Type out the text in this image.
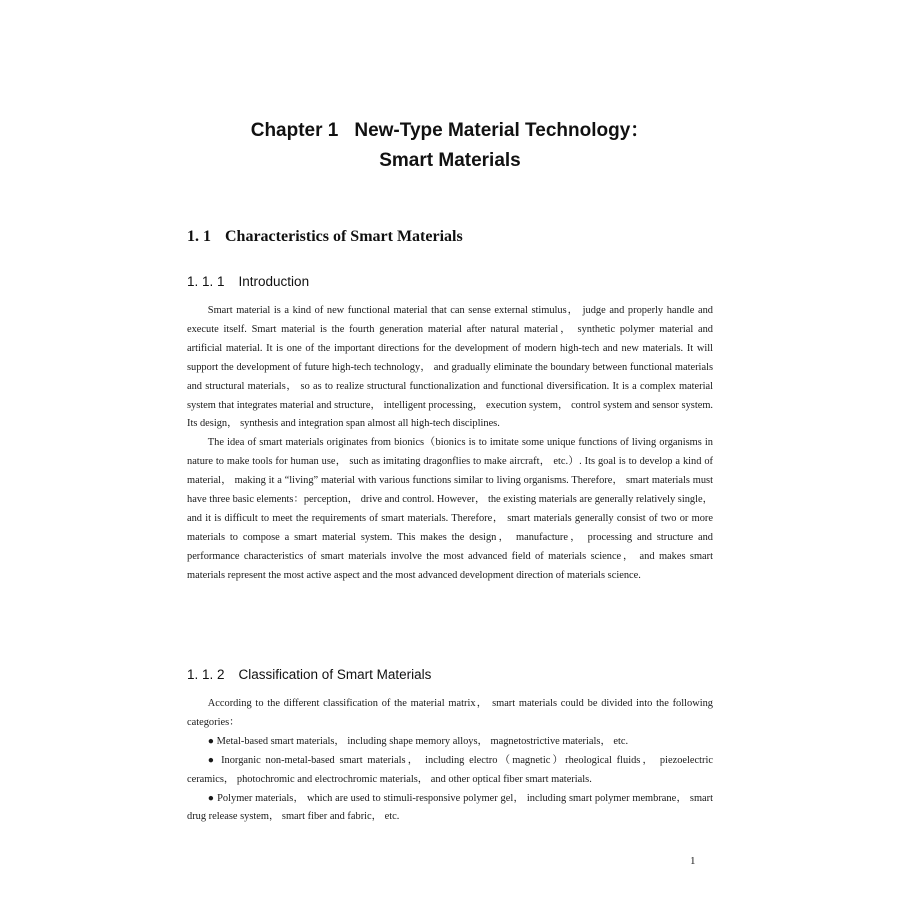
Chapter 1 New-Type Material Technology：
Smart Materials
1. 1 Characteristics of Smart Materials
1. 1. 1 Introduction

Smart material is a kind of new functional material that can sense external stimulus， judge and properly handle and execute itself. Smart material is the fourth generation material after natural material， synthetic polymer material and artificial material. It is one of the important directions for the development of modern high-tech and new materials. It will support the development of future high-tech technology， and gradually eliminate the boundary between functional materials and structural materials， so as to realize structural functionalization and functional diversification. It is a complex material system that integrates material and structure， intelligent processing， execution system， control system and sensor system. Its design， synthesis and integration span almost all high-tech disciplines.

The idea of smart materials originates from bionics（bionics is to imitate some unique functions of living organisms in nature to make tools for human use， such as imitating dragonflies to make aircraft， etc.）. Its goal is to develop a kind of material， making it a “living” material with various functions similar to living organisms. Therefore， smart materials must have three basic elements：perception， drive and control. However， the existing materials are generally relatively single， and it is difficult to meet the requirements of smart materials. Therefore， smart materials generally consist of two or more materials to compose a smart material system. This makes the design， manufacture， processing and structure and performance characteristics of smart materials involve the most advanced field of materials science， and makes smart materials represent the most active aspect and the most advanced development direction of materials science.

1. 1. 2 Classification of Smart Materials

According to the different classification of the material matrix， smart materials could be divided into the following categories：

● Metal-based smart materials， including shape memory alloys， magnetostrictive materials， etc.

● Inorganic non-metal-based smart materials， including electro（magnetic）rheological fluids， piezoelectric ceramics， photochromic and electrochromic materials， and other optical fiber smart materials.

● Polymer materials， which are used to stimuli-responsive polymer gel， including smart polymer membrane， smart drug release system， smart fiber and fabric， etc.

1
